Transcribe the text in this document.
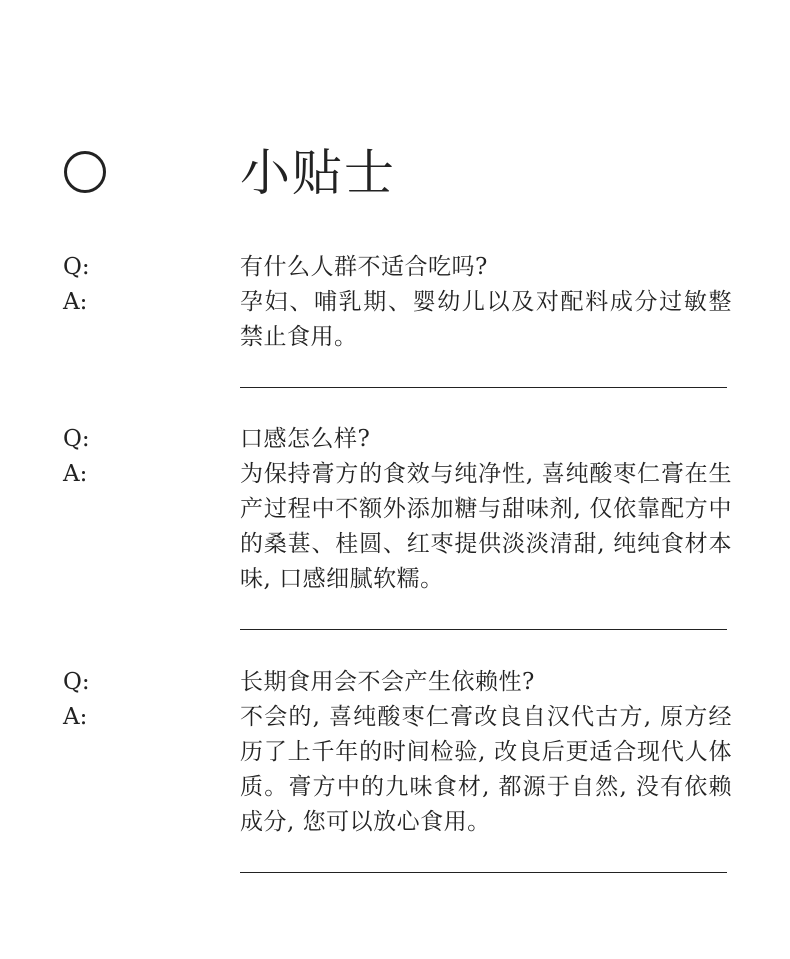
小贴士
Q:	有什么人群不适合吃吗?
A:	孕妇、哺乳期、婴幼儿以及对配料成分过敏整禁止食用。
Q:	口感怎么样?
A:	为保持膏方的食效与纯净性, 喜纯酸枣仁膏在生产过程中不额外添加糖与甜味剂, 仅依靠配方中的桑葚、桂圆、红枣提供淡淡清甜, 纯纯食材本味, 口感细腻软糯。
Q:	长期食用会不会产生依赖性?
A:	不会的, 喜纯酸枣仁膏改良自汉代古方, 原方经历了上千年的时间检验, 改良后更适合现代人体质。膏方中的九味食材, 都源于自然, 没有依赖成分, 您可以放心食用。
